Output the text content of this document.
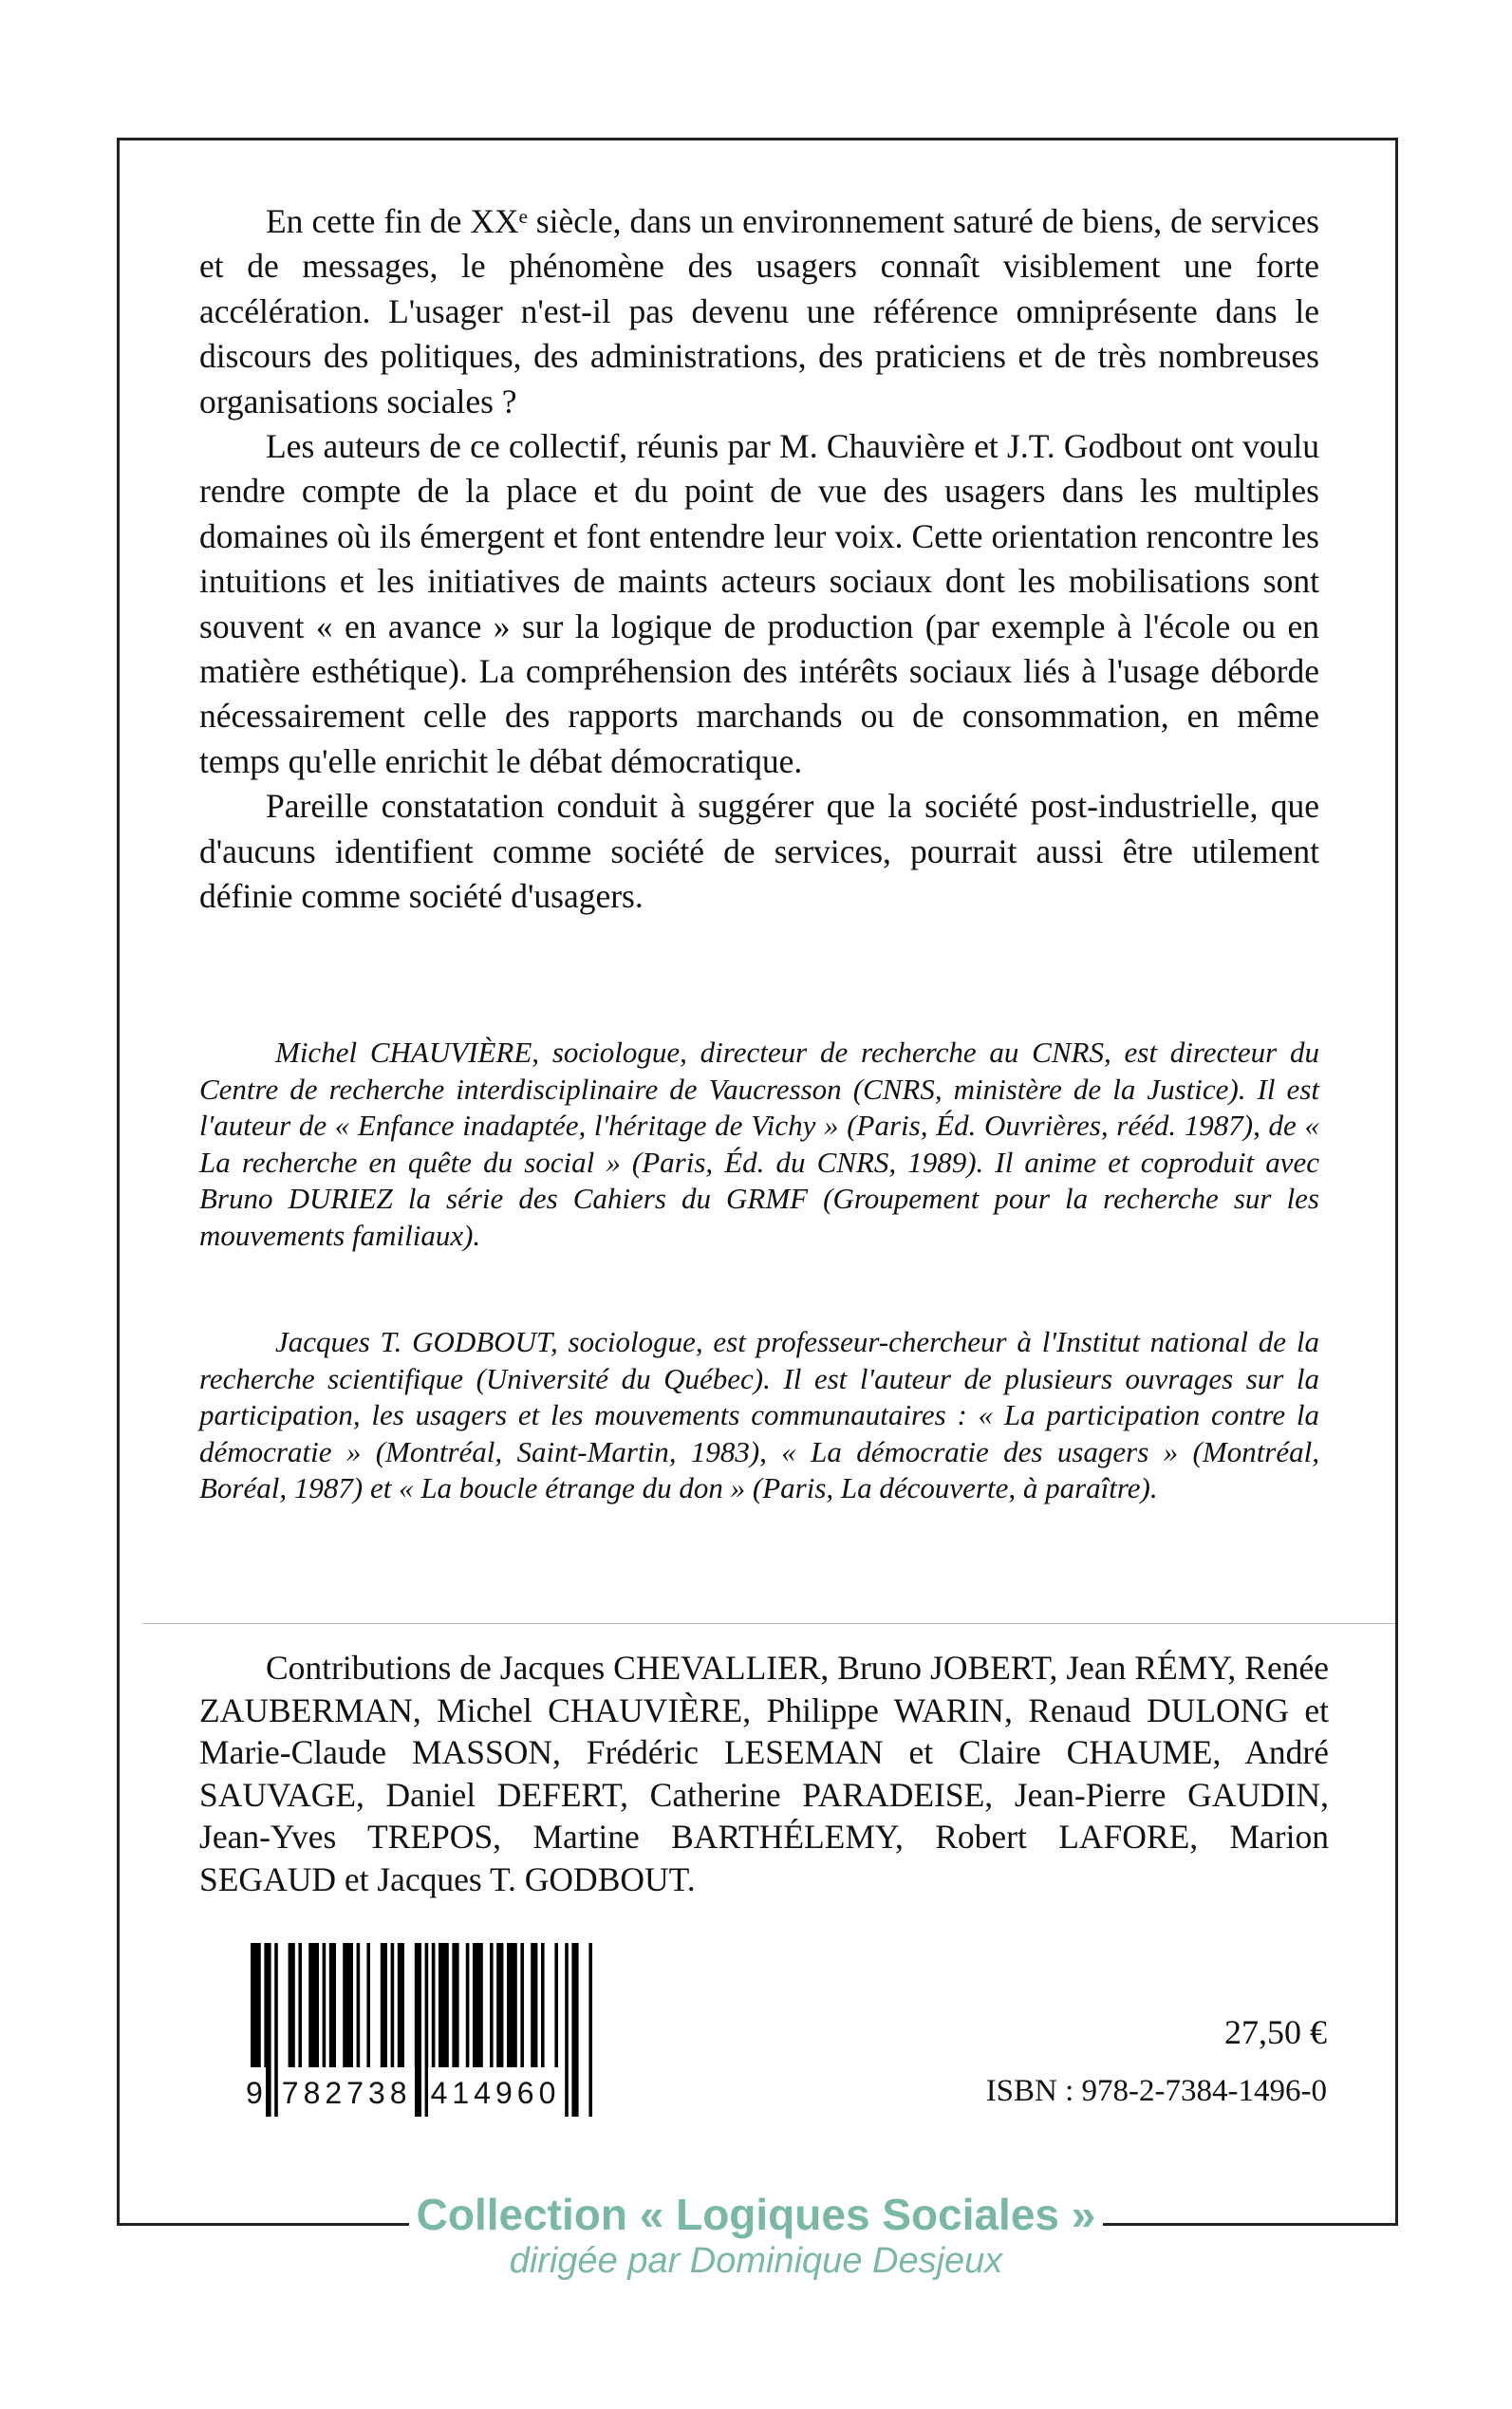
En cette fin de XXᵉ siècle, dans un environnement saturé de biens, de services et de messages, le phénomène des usagers connaît visiblement une forte accélération. L'usager n'est-il pas devenu une référence omniprésente dans le discours des politiques, des administrations, des praticiens et de très nombreuses organisations sociales ?

Les auteurs de ce collectif, réunis par M. Chauvière et J.T. Godbout ont voulu rendre compte de la place et du point de vue des usagers dans les multiples domaines où ils émergent et font entendre leur voix. Cette orientation rencontre les intuitions et les initiatives de maints acteurs sociaux dont les mobilisations sont souvent « en avance » sur la logique de production (par exemple à l'école ou en matière esthétique). La compréhension des intérêts sociaux liés à l'usage déborde nécessairement celle des rapports marchands ou de consommation, en même temps qu'elle enrichit le débat démocratique.

Pareille constatation conduit à suggérer que la société post-industrielle, que d'aucuns identifient comme société de services, pourrait aussi être utilement définie comme société d'usagers.

Michel CHAUVIÈRE, sociologue, directeur de recherche au CNRS, est directeur du Centre de recherche interdisciplinaire de Vaucresson (CNRS, ministère de la Justice). Il est l'auteur de « Enfance inadaptée, l'héritage de Vichy » (Paris, Éd. Ouvrières, rééd. 1987), de « La recherche en quête du social » (Paris, Éd. du CNRS, 1989). Il anime et coproduit avec Bruno DURIEZ la série des Cahiers du GRMF (Groupement pour la recherche sur les mouvements familiaux).

Jacques T. GODBOUT, sociologue, est professeur-chercheur à l'Institut national de la recherche scientifique (Université du Québec). Il est l'auteur de plusieurs ouvrages sur la participation, les usagers et les mouvements communautaires : « La participation contre la démocratie » (Montréal, Saint-Martin, 1983), « La démocratie des usagers » (Montréal, Boréal, 1987) et « La boucle étrange du don » (Paris, La découverte, à paraître).

Contributions de Jacques CHEVALLIER, Bruno JOBERT, Jean RÉMY, Renée ZAUBERMAN, Michel CHAUVIÈRE, Philippe WARIN, Renaud DULONG et Marie-Claude MASSON, Frédéric LESEMAN et Claire CHAUME, André SAUVAGE, Daniel DEFERT, Catherine PARADEISE, Jean-Pierre GAUDIN, Jean-Yves TREPOS, Martine BARTHÉLEMY, Robert LAFORE, Marion SEGAUD et Jacques T. GODBOUT.

9 782738 414960
27,50 €
ISBN : 978-2-7384-1496-0
Collection « Logiques Sociales »
dirigée par Dominique Desjeux
